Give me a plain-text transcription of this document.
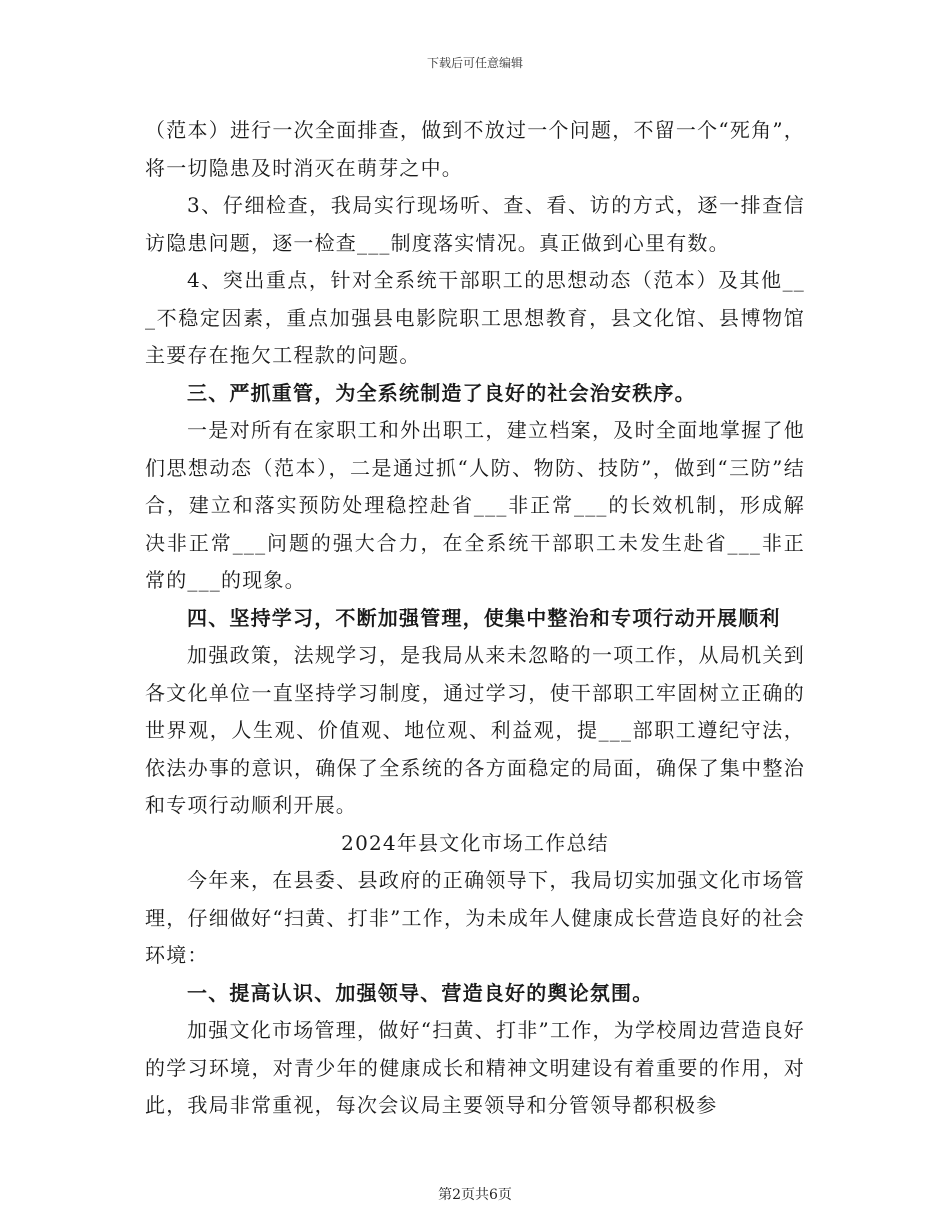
下载后可任意编辑

（范本）进行一次全面排查，做到不放过一个问题，不留一个“死角”，将一切隐患及时消灭在萌芽之中。

3、仔细检查，我局实行现场听、查、看、访的方式，逐一排查信访隐患问题，逐一检查___制度落实情况。真正做到心里有数。

4、突出重点，针对全系统干部职工的思想动态（范本）及其他___不稳定因素，重点加强县电影院职工思想教育，县文化馆、县博物馆主要存在拖欠工程款的问题。

三、严抓重管，为全系统制造了良好的社会治安秩序。

一是对所有在家职工和外出职工，建立档案，及时全面地掌握了他们思想动态（范本），二是通过抓“人防、物防、技防”，做到“三防”结合，建立和落实预防处理稳控赴省___非正常___的长效机制，形成解决非正常___问题的强大合力，在全系统干部职工未发生赴省___非正常的___的现象。

四、坚持学习，不断加强管理，使集中整治和专项行动开展顺利

加强政策，法规学习，是我局从来未忽略的一项工作，从局机关到各文化单位一直坚持学习制度，通过学习，使干部职工牢固树立正确的世界观，人生观、价值观、地位观、利益观，提___部职工遵纪守法，依法办事的意识，确保了全系统的各方面稳定的局面，确保了集中整治和专项行动顺利开展。

2024年县文化市场工作总结

今年来，在县委、县政府的正确领导下，我局切实加强文化市场管理，仔细做好“扫黄、打非”工作，为未成年人健康成长营造良好的社会环境：

一、提高认识、加强领导、营造良好的舆论氛围。

加强文化市场管理，做好“扫黄、打非”工作，为学校周边营造良好的学习环境，对青少年的健康成长和精神文明建设有着重要的作用，对此，我局非常重视，每次会议局主要领导和分管领导都积极参

第2页共6页
